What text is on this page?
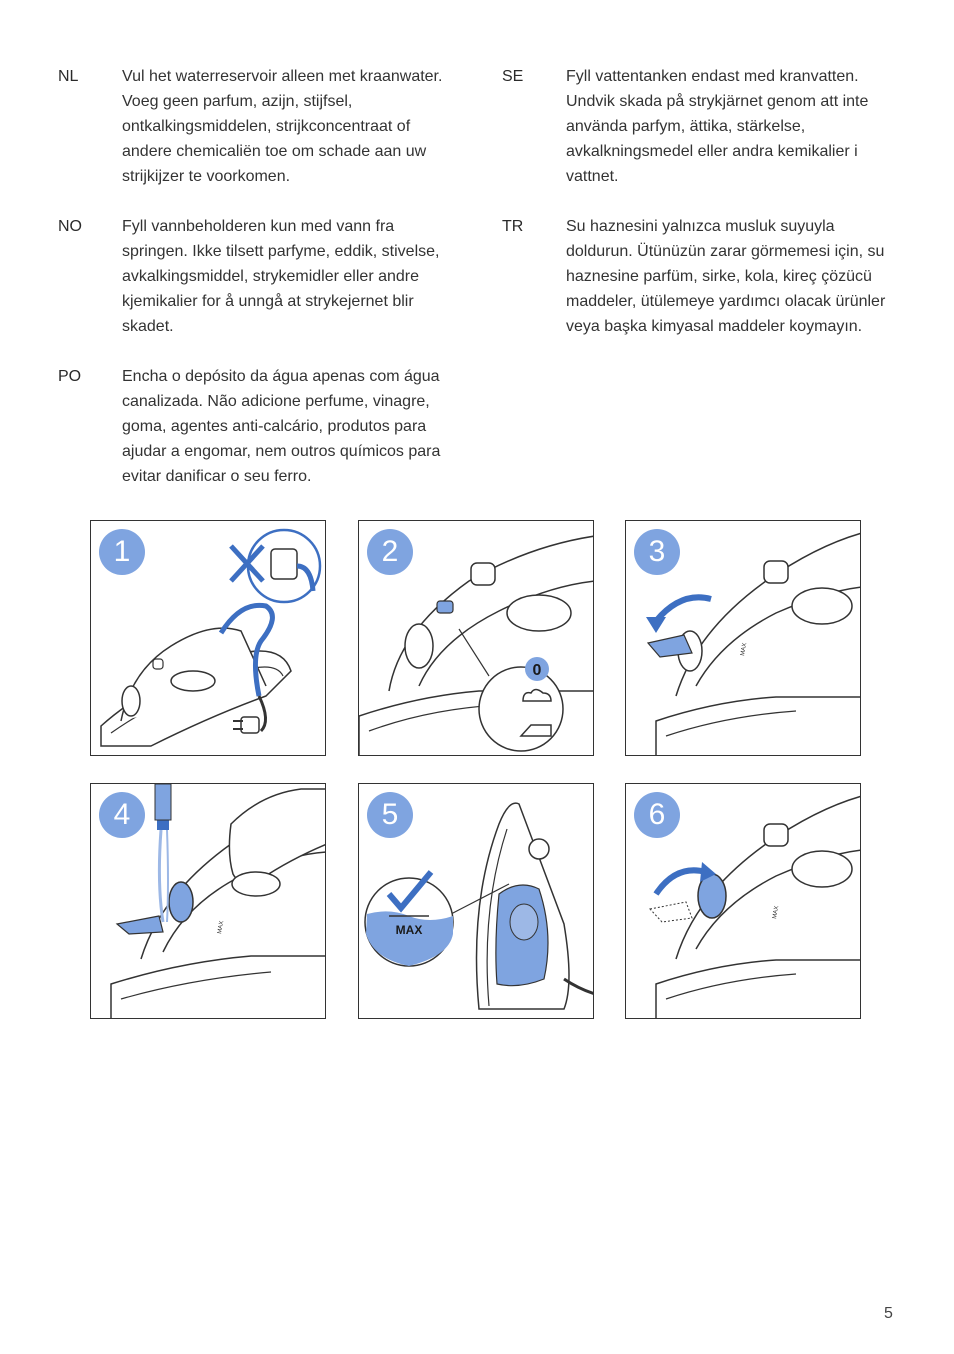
NL	Vul het waterreservoir alleen met kraanwater. Voeg geen parfum, azijn, stijfsel, ontkalkingsmiddelen, strijkconcentraat of andere chemicaliën toe om schade aan uw strijkijzer te voorkomen.
NO	Fyll vannbeholderen kun med vann fra springen. Ikke tilsett parfyme, eddik, stivelse, avkalkingsmiddel, strykemidler eller andre kjemikalier for å unngå at strykejernet blir skadet.
PO	Encha o depósito da água apenas com água canalizada. Não adicione perfume, vinagre, goma, agentes anti-calcário, produtos para ajudar a engomar, nem outros químicos para evitar danificar o seu ferro.
SE	Fyll vattentanken endast med kranvatten. Undvik skada på strykjärnet genom att inte använda parfym, ättika, stärkelse, avkalkningsmedel eller andra kemikalier i vattnet.
TR	Su haznesini yalnızca musluk suyuyla doldurun. Ütünüzün zarar görmemesi için, su haznesine parfüm, sirke, kola, kireç çözücü maddeler, ütülemeye yardımcı olacak ürünler veya başka kimyasal maddeler koymayın.
1
0
2
MAX
3
MAX
4
MAX
5
MAX
6
5
